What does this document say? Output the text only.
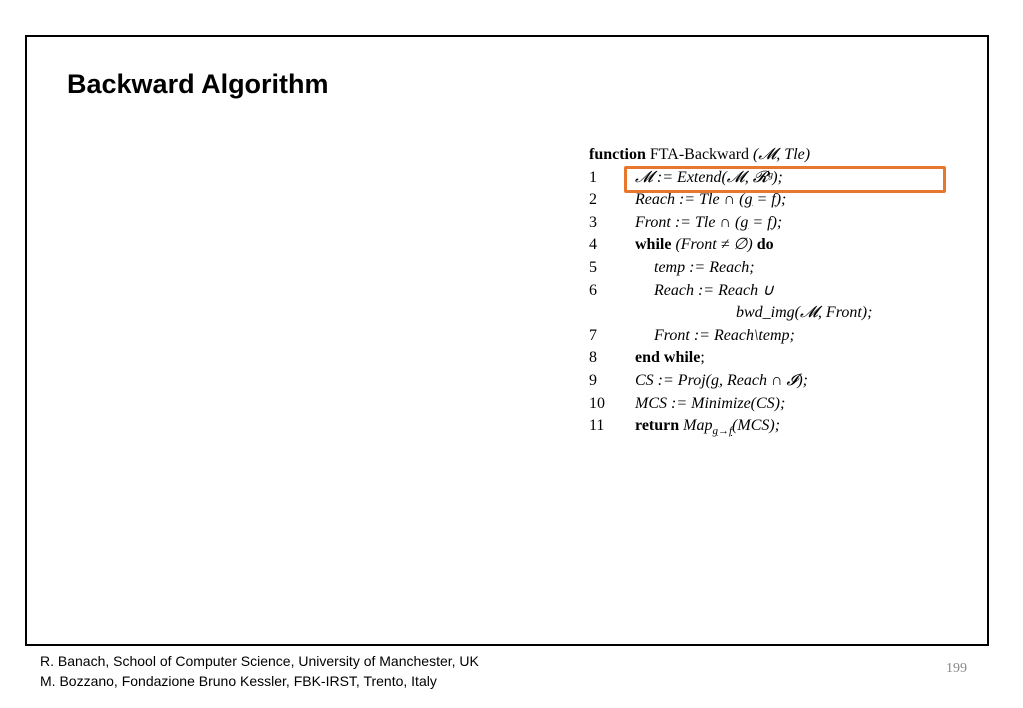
Backward Algorithm
function FTA-Backward (𝓜, Tle)
1	𝓜 := Extend(𝓜, 𝓡ᵍ);
2	Reach := Tle ∩ (g = f);
3	Front := Tle ∩ (g = f);
4	while (Front ≠ ∅) do
5	temp := Reach;
6	Reach := Reach ∪
bwd_img(𝓜, Front);
7	Front := Reach\temp;
8	end while;
9	CS := Proj(g, Reach ∩ 𝓘);
10	MCS := Minimize(CS);
11	return Map$_{g\to f}$(MCS);
R. Banach, School of Computer Science, University of Manchester, UK
M. Bozzano, Fondazione Bruno Kessler, FBK-IRST, Trento, Italy
199
